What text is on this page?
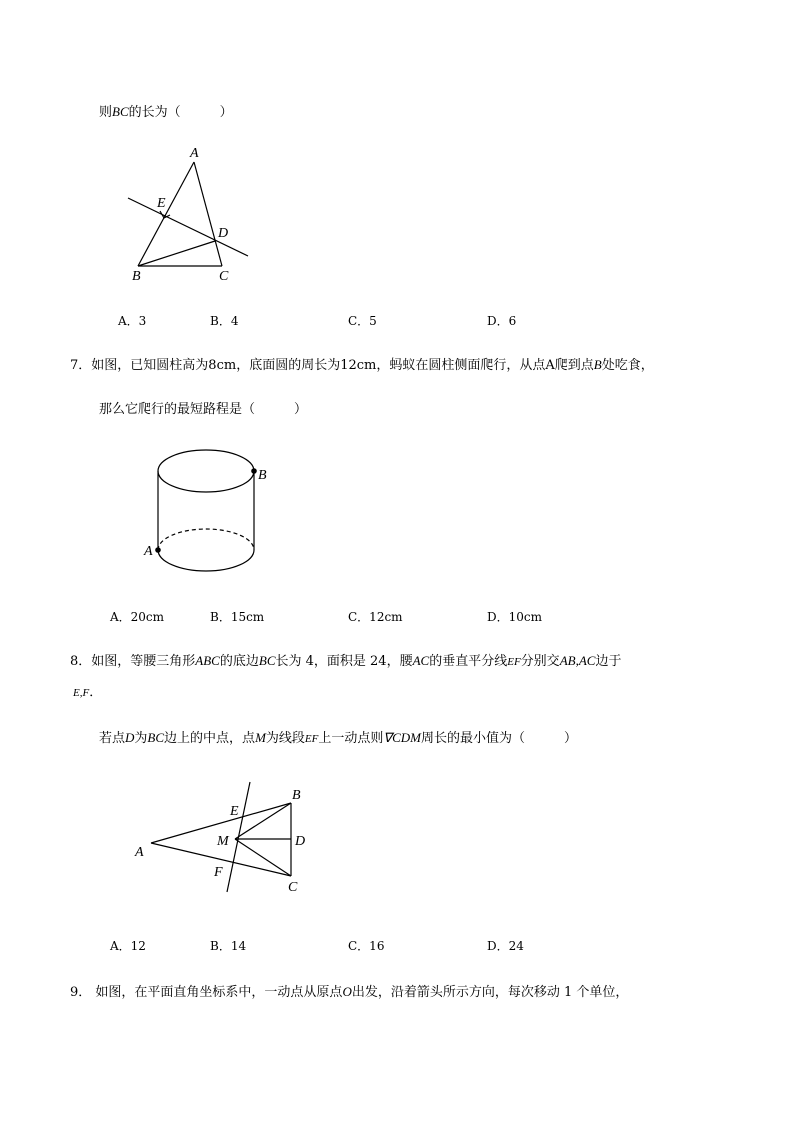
则BC的长为（　　　）
A
E
D
B	C
A．3	B．4	C．5	D．6
7．如图，已知圆柱高为8cm，底面圆的周长为12cm，蚂蚁在圆柱侧面爬行，从点A爬到点B处吃食，
那么它爬行的最短路程是（　　　）
B
A
A．20cm	B．15cm	C．12cm	D．10cm
8．如图，等腰三角形ABC的底边BC长为 4，面积是 24，腰AC的垂直平分线EF分别交AB,AC边于
E,F．
若点D为BC边上的中点，点M为线段EF上一动点则∇CDM周长的最小值为（　　　）
E
B
M	D
A
F
C
A．12	B．14	C．16	D．24
9． 如图，在平面直角坐标系中，一动点从原点O出发，沿着箭头所示方向，每次移动 1 个单位，
